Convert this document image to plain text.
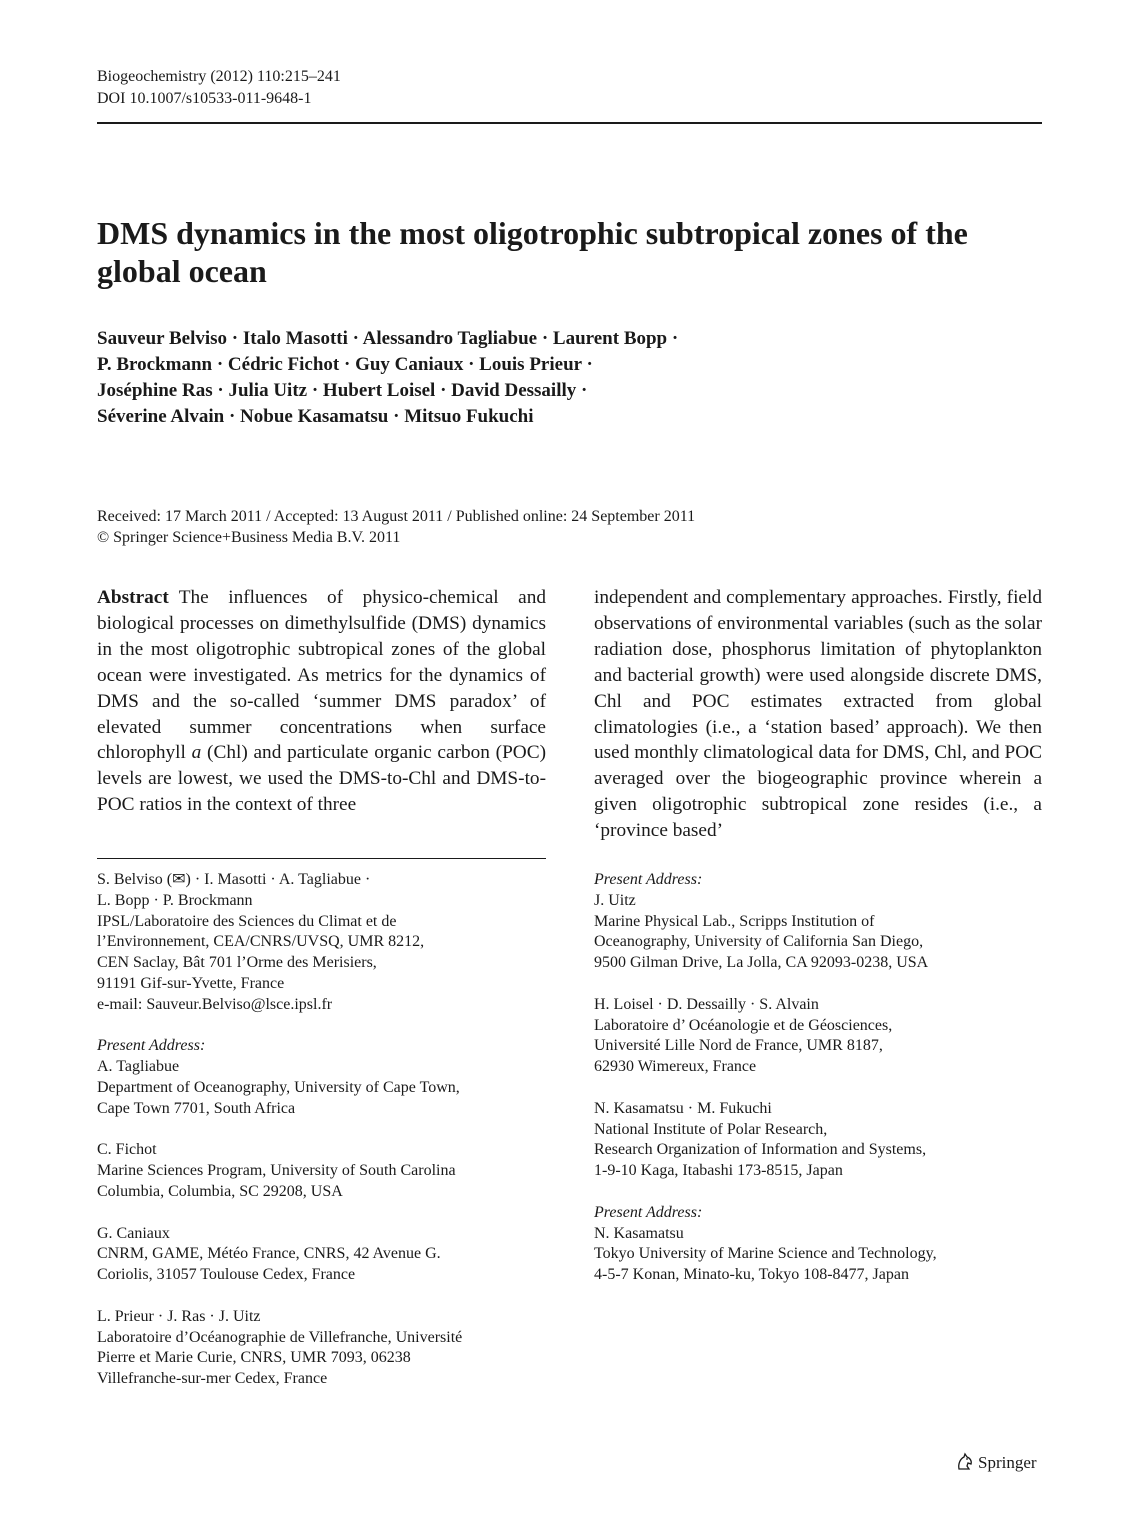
Biogeochemistry (2012) 110:215–241
DOI 10.1007/s10533-011-9648-1
DMS dynamics in the most oligotrophic subtropical zones of the global ocean
Sauveur Belviso · Italo Masotti · Alessandro Tagliabue · Laurent Bopp ·
P. Brockmann · Cédric Fichot · Guy Caniaux · Louis Prieur ·
Joséphine Ras · Julia Uitz · Hubert Loisel · David Dessailly ·
Séverine Alvain · Nobue Kasamatsu · Mitsuo Fukuchi
Received: 17 March 2011 / Accepted: 13 August 2011 / Published online: 24 September 2011
© Springer Science+Business Media B.V. 2011
Abstract The influences of physico-chemical and biological processes on dimethylsulfide (DMS) dynamics in the most oligotrophic subtropical zones of the global ocean were investigated. As metrics for the dynamics of DMS and the so-called ‘summer DMS paradox’ of elevated summer concentrations when surface chlorophyll a (Chl) and particulate organic carbon (POC) levels are lowest, we used the DMS-to-Chl and DMS-to-POC ratios in the context of three
independent and complementary approaches. Firstly, field observations of environmental variables (such as the solar radiation dose, phosphorus limitation of phytoplankton and bacterial growth) were used alongside discrete DMS, Chl and POC estimates extracted from global climatologies (i.e., a ‘station based’ approach). We then used monthly climatological data for DMS, Chl, and POC averaged over the biogeographic province wherein a given oligotrophic subtropical zone resides (i.e., a ‘province based’
S. Belviso (✉) · I. Masotti · A. Tagliabue ·
L. Bopp · P. Brockmann
IPSL/Laboratoire des Sciences du Climat et de
l’Environnement, CEA/CNRS/UVSQ, UMR 8212,
CEN Saclay, Bât 701 l’Orme des Merisiers,
91191 Gif-sur-Yvette, France
e-mail: Sauveur.Belviso@lsce.ipsl.fr
Present Address:
A. Tagliabue
Department of Oceanography, University of Cape Town,
Cape Town 7701, South Africa
C. Fichot
Marine Sciences Program, University of South Carolina
Columbia, Columbia, SC 29208, USA
G. Caniaux
CNRM, GAME, Météo France, CNRS, 42 Avenue G.
Coriolis, 31057 Toulouse Cedex, France
L. Prieur · J. Ras · J. Uitz
Laboratoire d’Océanographie de Villefranche, Université
Pierre et Marie Curie, CNRS, UMR 7093, 06238
Villefranche-sur-mer Cedex, France
Present Address:
J. Uitz
Marine Physical Lab., Scripps Institution of
Oceanography, University of California San Diego,
9500 Gilman Drive, La Jolla, CA 92093-0238, USA
H. Loisel · D. Dessailly · S. Alvain
Laboratoire d’ Océanologie et de Géosciences,
Université Lille Nord de France, UMR 8187,
62930 Wimereux, France
N. Kasamatsu · M. Fukuchi
National Institute of Polar Research,
Research Organization of Information and Systems,
1-9-10 Kaga, Itabashi 173-8515, Japan
Present Address:
N. Kasamatsu
Tokyo University of Marine Science and Technology,
4-5-7 Konan, Minato-ku, Tokyo 108-8477, Japan
Springer
